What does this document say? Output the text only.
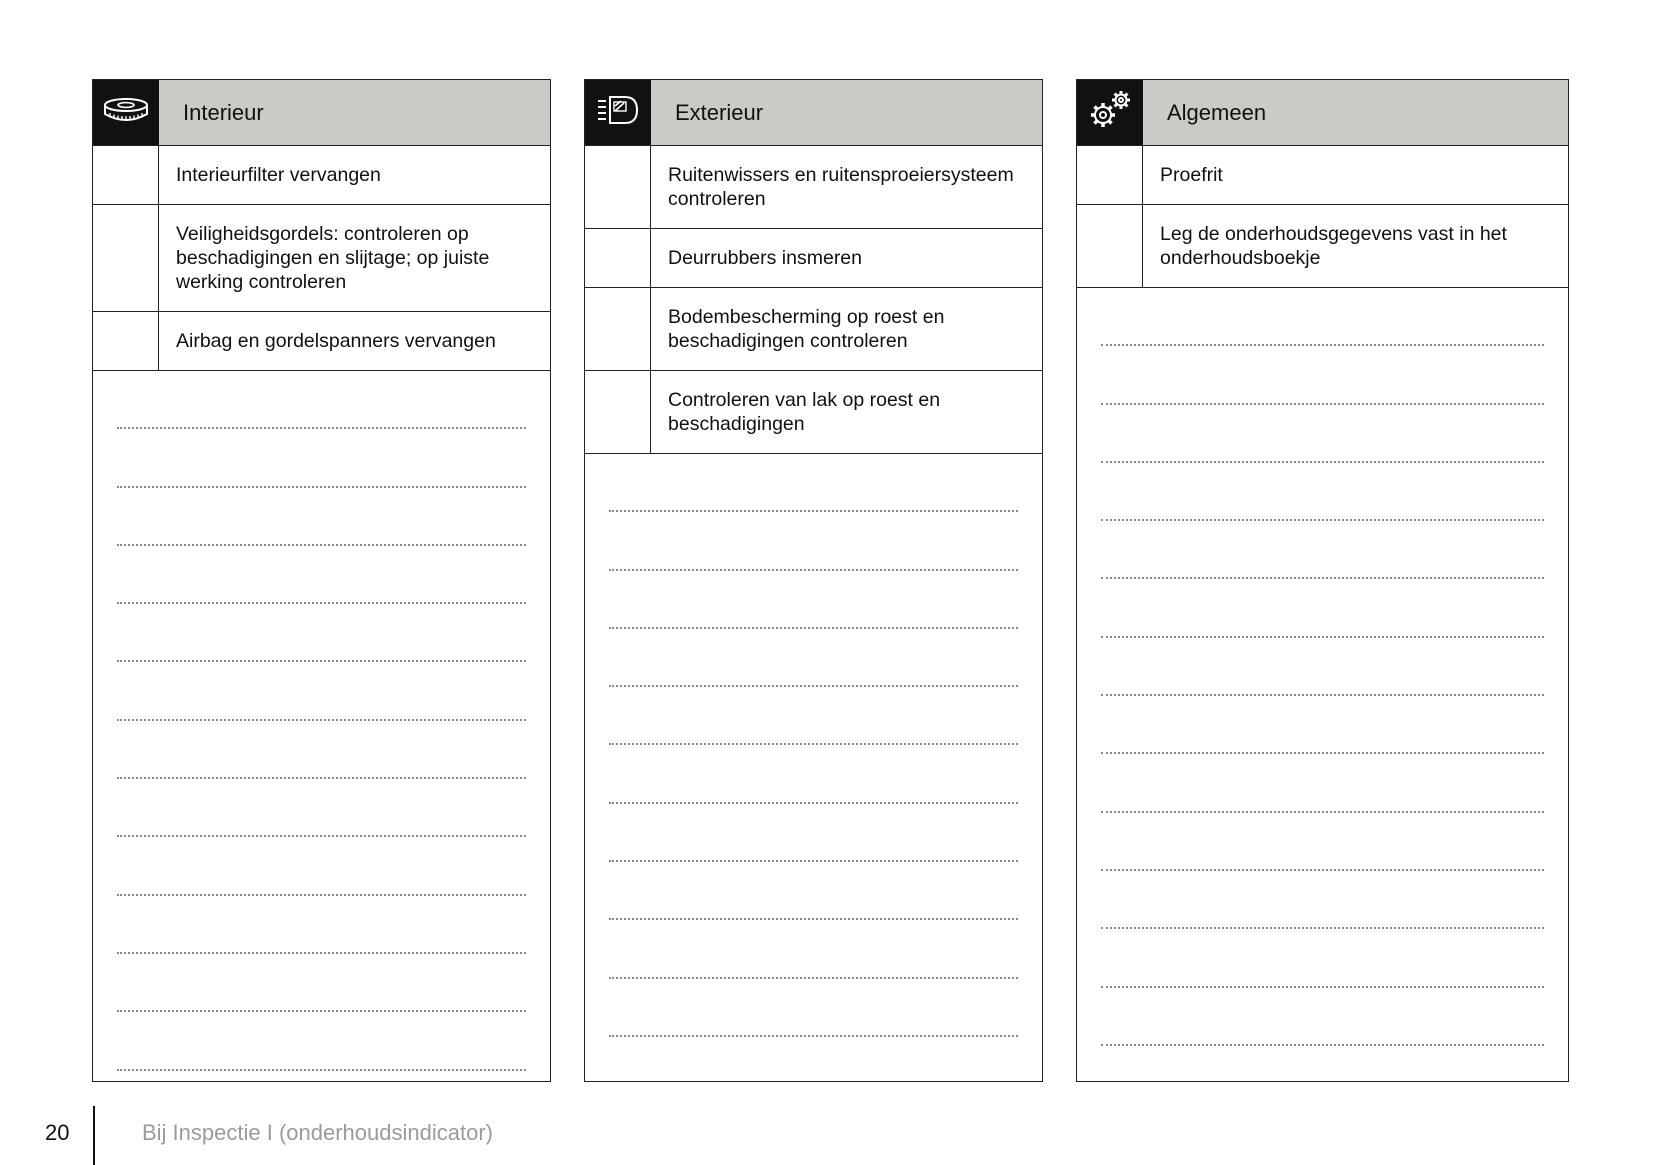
Interieur
Interieurfilter vervangen
Veiligheidsgordels: controleren op beschadigingen en slijtage; op juiste werking controleren
Airbag en gordelspanners vervangen
Exterieur
Ruitenwissers en ruitensproeiersysteem controleren
Deurrubbers insmeren
Bodembescherming op roest en beschadigingen controleren
Controleren van lak op roest en beschadigingen
Algemeen
Proefrit
Leg de onderhoudsgegevens vast in het onderhoudsboekje
20	Bij Inspectie I (onderhoudsindicator)
